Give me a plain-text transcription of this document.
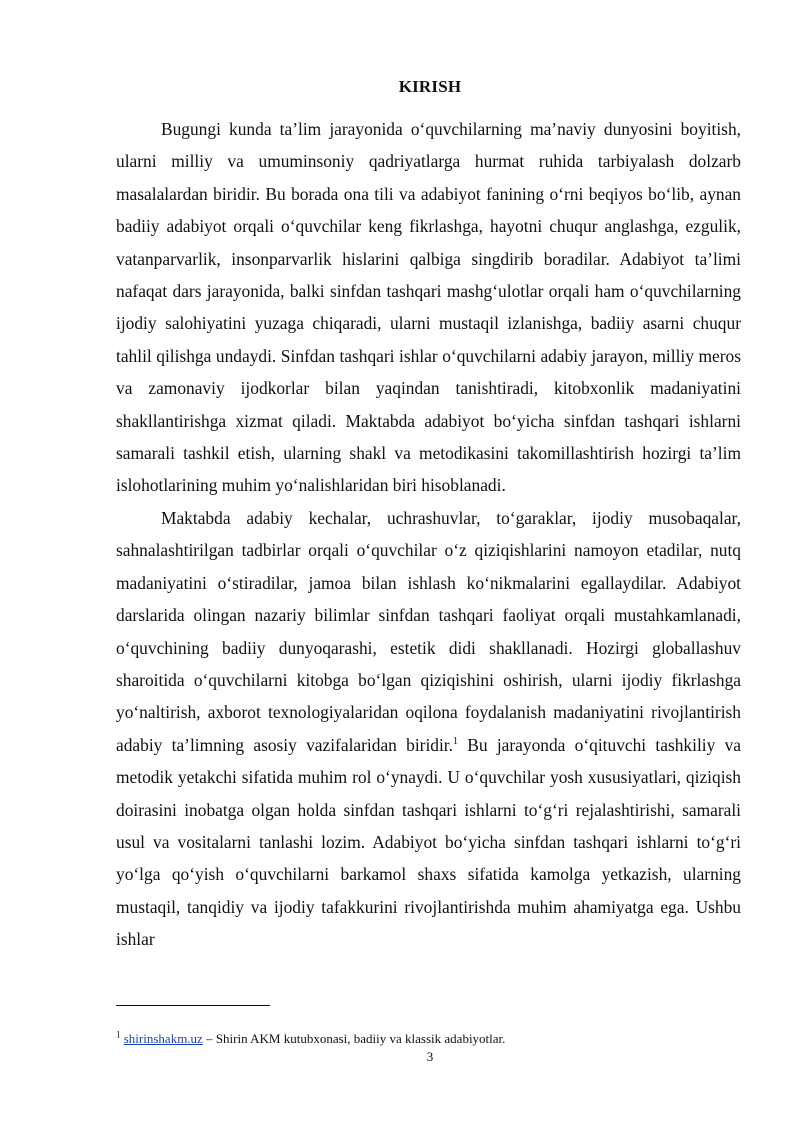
KIRISH

Bugungi kunda ta’lim jarayonida o‘quvchilarning ma’naviy dunyosini boyitish, ularni milliy va umuminsoniy qadriyatlarga hurmat ruhida tarbiyalash dolzarb masalalardan biridir. Bu borada ona tili va adabiyot fanining o‘rni beqiyos bo‘lib, aynan badiiy adabiyot orqali o‘quvchilar keng fikrlashga, hayotni chuqur anglashga, ezgulik, vatanparvarlik, insonparvarlik hislarini qalbiga singdirib boradilar. Adabiyot ta’limi nafaqat dars jarayonida, balki sinfdan tashqari mashg‘ulotlar orqali ham o‘quvchilarning ijodiy salohiyatini yuzaga chiqaradi, ularni mustaqil izlanishga, badiiy asarni chuqur tahlil qilishga undaydi. Sinfdan tashqari ishlar o‘quvchilarni adabiy jarayon, milliy meros va zamonaviy ijodkorlar bilan yaqindan tanishtiradi, kitobxonlik madaniyatini shakllantirishga xizmat qiladi. Maktabda adabiyot bo‘yicha sinfdan tashqari ishlarni samarali tashkil etish, ularning shakl va metodikasini takomillashtirish hozirgi ta’lim islohotlarining muhim yo‘nalishlaridan biri hisoblanadi.

Maktabda adabiy kechalar, uchrashuvlar, to‘garaklar, ijodiy musobaqalar, sahnalashtirilgan tadbirlar orqali o‘quvchilar o‘z qiziqishlarini namoyon etadilar, nutq madaniyatini o‘stiradilar, jamoa bilan ishlash ko‘nikmalarini egallaydilar. Adabiyot darslarida olingan nazariy bilimlar sinfdan tashqari faoliyat orqali mustahkamlanadi, o‘quvchining badiiy dunyoqarashi, estetik didi shakllanadi. Hozirgi globallashuv sharoitida o‘quvchilarni kitobga bo‘lgan qiziqishini oshirish, ularni ijodiy fikrlashga yo‘naltirish, axborot texnologiyalaridan oqilona foydalanish madaniyatini rivojlantirish adabiy ta’limning asosiy vazifalaridan biridir.$^1$ Bu jarayonda o‘qituvchi tashkiliy va metodik yetakchi sifatida muhim rol o‘ynaydi. U o‘quvchilar yosh xususiyatlari, qiziqish doirasini inobatga olgan holda sinfdan tashqari ishlarni to‘g‘ri rejalashtirishi, samarali usul va vositalarni tanlashi lozim. Adabiyot bo‘yicha sinfdan tashqari ishlarni to‘g‘ri yo‘lga qo‘yish o‘quvchilarni barkamol shaxs sifatida kamolga yetkazish, ularning mustaqil, tanqidiy va ijodiy tafakkurini rivojlantirishda muhim ahamiyatga ega. Ushbu ishlar

$^1$ shirinshakm.uz – Shirin AKM kutubxonasi, badiiy va klassik adabiyotlar.
3
